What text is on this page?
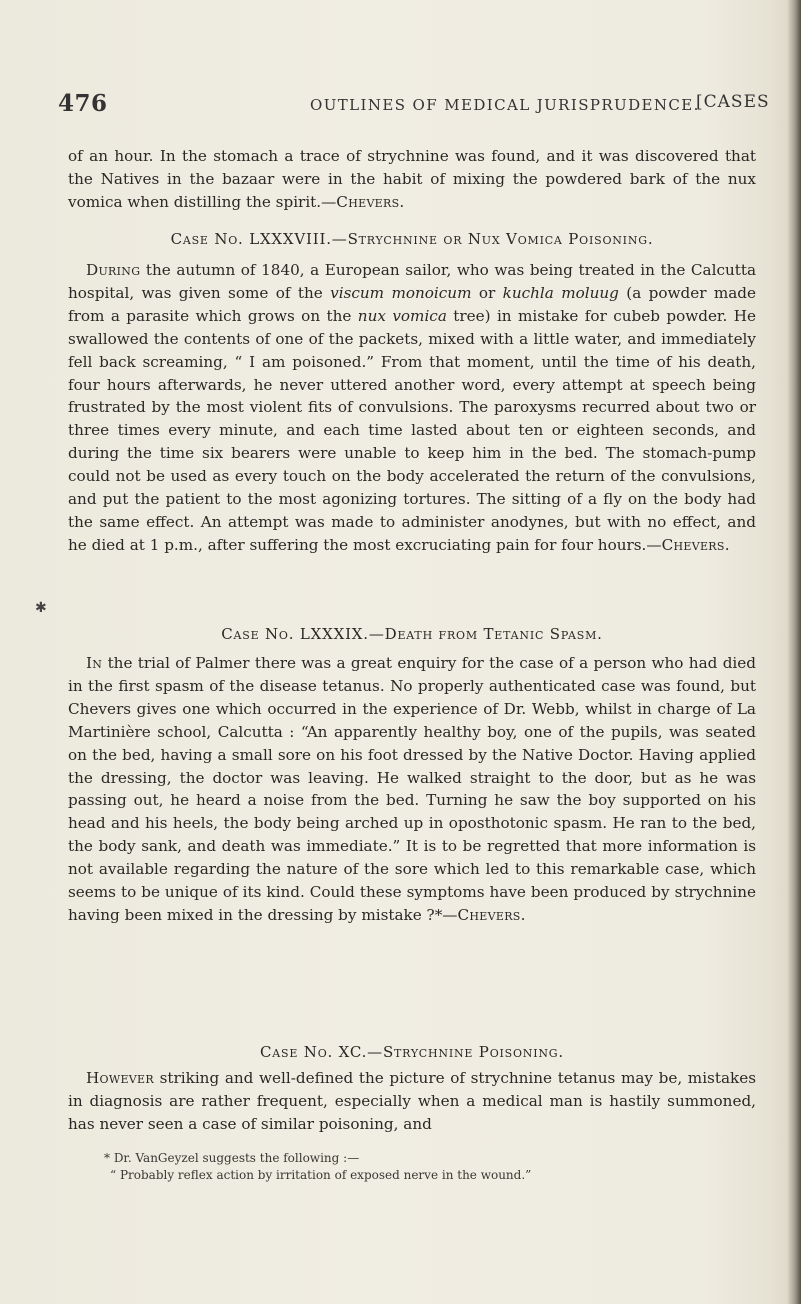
476	OUTLINES OF MEDICAL JURISPRUDENCE.
[CASES

of an hour. In the stomach a trace of strychnine was found, and it was discovered that the Natives in the bazaar were in the habit of mixing the powdered bark of the nux vomica when distilling the spirit.—Chevers.

Case No. LXXXVIII.—Strychnine or Nux Vomica Poisoning.

During the autumn of 1840, a European sailor, who was being treated in the Calcutta hospital, was given some of the viscum monoicum or kuchla moluug (a powder made from a parasite which grows on the nux vomica tree) in mistake for cubeb powder. He swallowed the contents of one of the packets, mixed with a little water, and immediately fell back screaming, “ I am poisoned.” From that moment, until the time of his death, four hours afterwards, he never uttered another word, every attempt at speech being frustrated by the most violent fits of convulsions. The paroxysms recurred about two or three times every minute, and each time lasted about ten or eighteen seconds, and during the time six bearers were unable to keep him in the bed. The stomach-pump could not be used as every touch on the body accelerated the return of the convulsions, and put the patient to the most agonizing tortures. The sitting of a fly on the body had the same effect. An attempt was made to administer anodynes, but with no effect, and he died at 1 p.m., after suffering the most excruciating pain for four hours.—Chevers.

Case No. LXXXIX.—Death from Tetanic Spasm.

In the trial of Palmer there was a great enquiry for the case of a person who had died in the first spasm of the disease tetanus. No properly authenticated case was found, but Chevers gives one which occurred in the experience of Dr. Webb, whilst in charge of La Martinière school, Calcutta : “An apparently healthy boy, one of the pupils, was seated on the bed, having a small sore on his foot dressed by the Native Doctor. Having applied the dressing, the doctor was leaving. He walked straight to the door, but as he was passing out, he heard a noise from the bed. Turning he saw the boy supported on his head and his heels, the body being arched up in oposthotonic spasm. He ran to the bed, the body sank, and death was immediate.” It is to be regretted that more information is not available regarding the nature of the sore which led to this remarkable case, which seems to be unique of its kind. Could these symptoms have been produced by strychnine having been mixed in the dressing by mistake ?*—Chevers.

Case No. XC.—Strychnine Poisoning.

However striking and well-defined the picture of strychnine tetanus may be, mistakes in diagnosis are rather frequent, especially when a medical man is hastily summoned, has never seen a case of similar poisoning, and

* Dr. VanGeyzel suggests the following :—
“ Probably reflex action by irritation of exposed nerve in the wound.”
✱
